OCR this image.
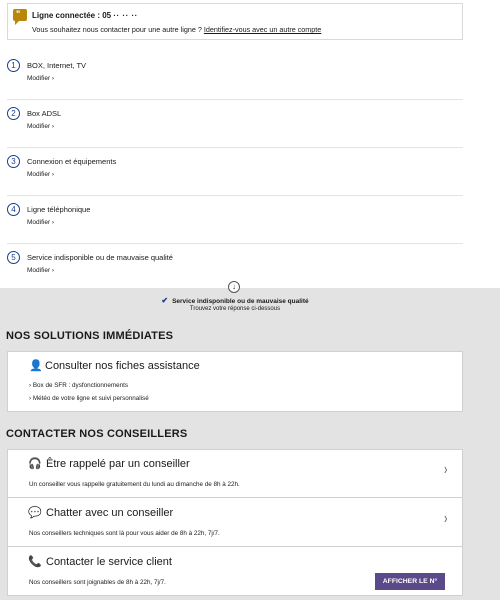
" Ligne connectée : 05 ·· ·· ··
Vous souhaitez nous contacter pour une autre ligne ? Identifiez-vous avec un autre compte
1	BOX, Internet, TV
Modifier ›
2	Box ADSL
Modifier ›
3	Connexion et équipements
Modifier ›
4	Ligne téléphonique
Modifier ›
5	Service indisponible ou de mauvaise qualité
Modifier ›
↓
✔ Service indisponible ou de mauvaise qualité
Trouvez votre réponse ci-dessous
NOS SOLUTIONS IMMÉDIATES
👤 Consulter nos fiches assistance
› Box de SFR : dysfonctionnements
› Météo de votre ligne et suivi personnalisé
CONTACTER NOS CONSEILLERS
🎧 Être rappelé par un conseiller
Un conseiller vous rappelle gratuitement du lundi au dimanche de 8h à 22h.
›
💬 Chatter avec un conseiller
Nos conseillers techniques sont là pour vous aider de 8h à 22h, 7j/7.
›
📞 Contacter le service client
Nos conseillers sont joignables de 8h à 22h, 7j/7.	AFFICHER LE N°
